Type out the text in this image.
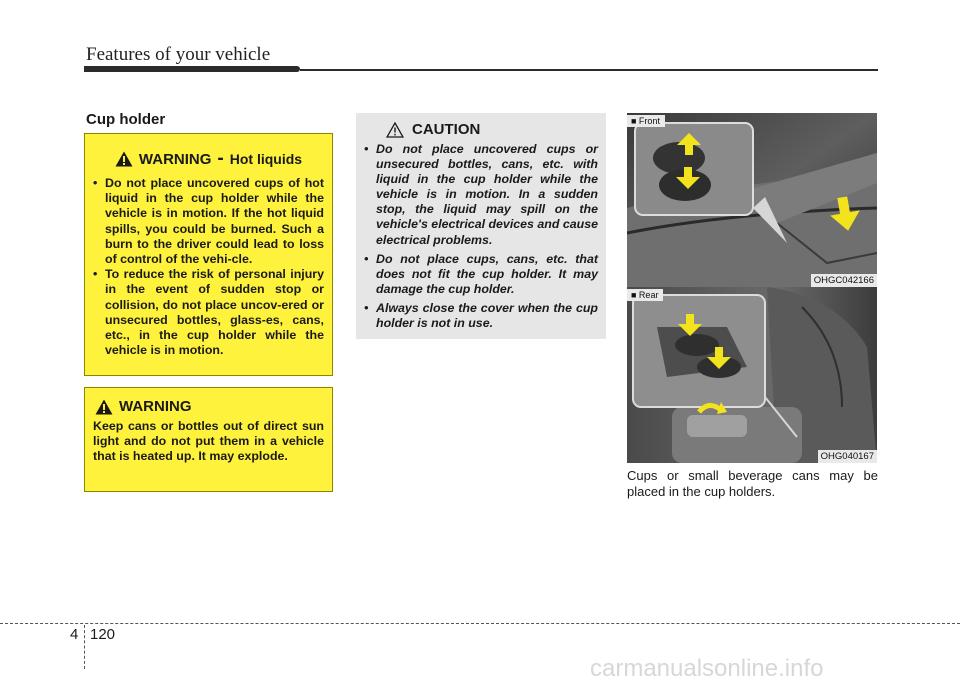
Features of your vehicle
Cup holder
WARNING - Hot liquids
• Do not place uncovered cups of hot liquid in the cup holder while the vehicle is in motion. If the hot liquid spills, you could be burned. Such a burn to the driver could lead to loss of control of the vehi-cle.
• To reduce the risk of personal injury in the event of sudden stop or collision, do not place uncov-ered or unsecured bottles, glass-es, cans, etc., in the cup holder while the vehicle is in motion.
WARNING
Keep cans or bottles out of direct sun light and do not put them in a vehicle that is heated up. It may explode.
CAUTION
• Do not place uncovered cups or unsecured bottles, cans, etc. with liquid in the cup holder while the vehicle is in motion. In a sudden stop, the liquid may spill on the vehicle's electrical devices and cause electrical problems.
• Do not place cups, cans, etc. that does not fit the cup holder. It may damage the cup holder.
• Always close the cover when the cup holder is not in use.
■ Front
OHGC042166
■ Rear
OHG040167
Cups or small beverage cans may be placed in the cup holders.
4 120
carmanualsonline.info
